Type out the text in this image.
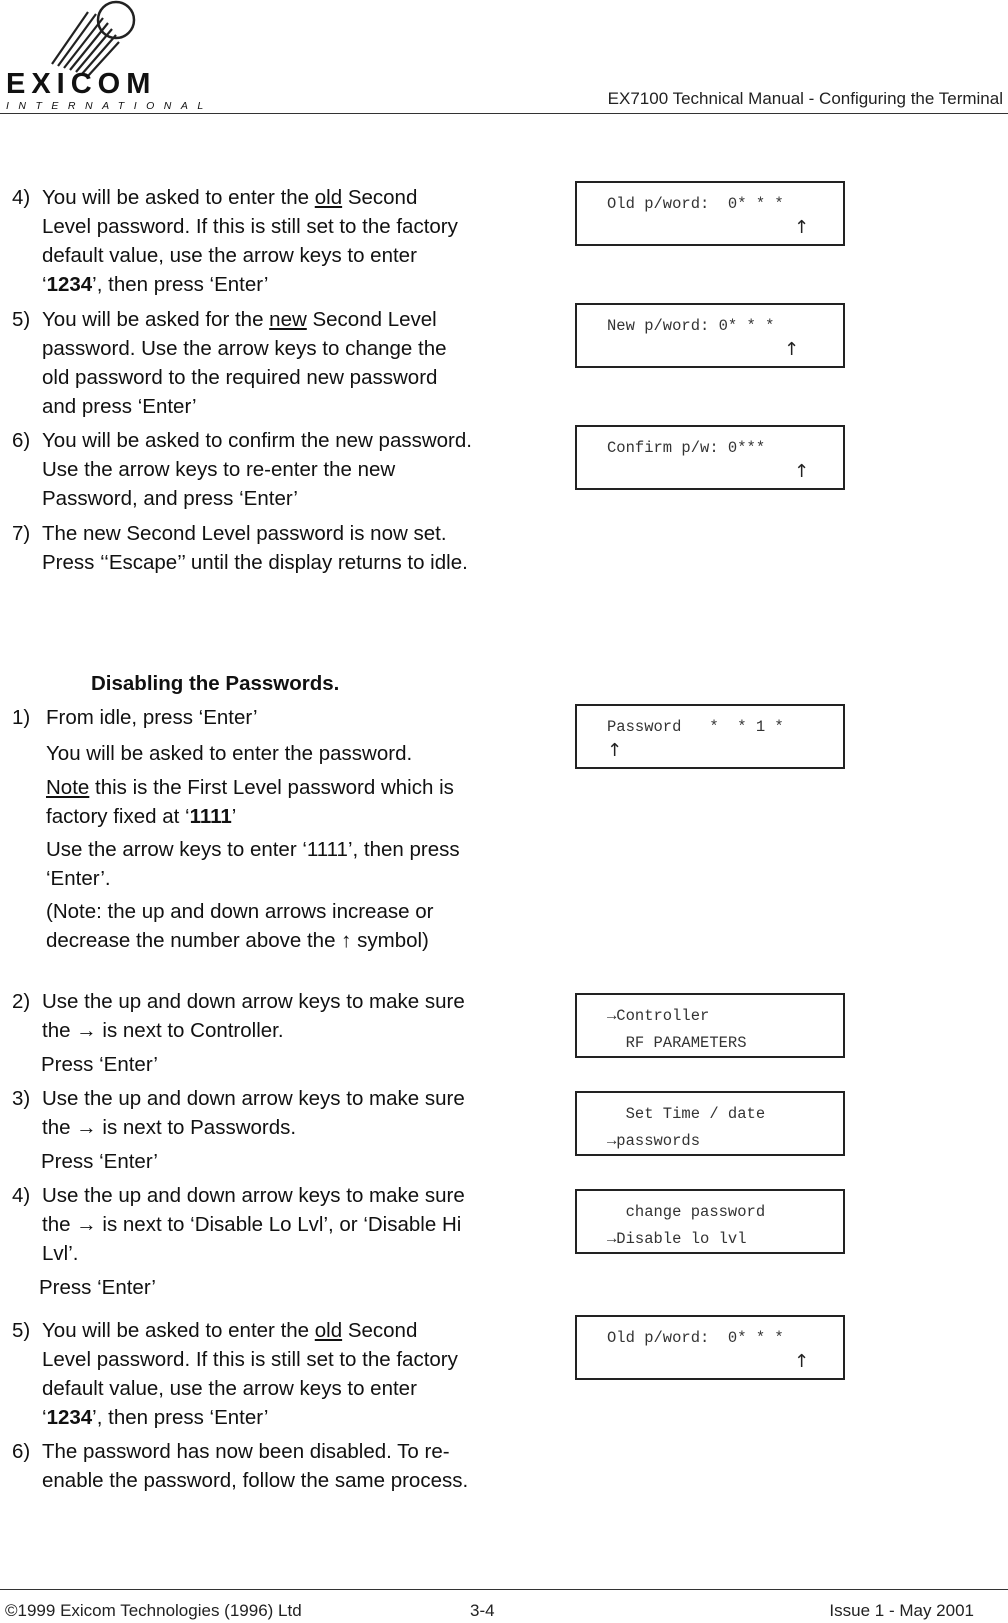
EXICOM
INTERNATIONAL	EX7100 Technical Manual - Configuring the Terminal
4) You will be asked to enter the old Second Level password. If this is still set to the factory default value, use the arrow keys to enter ‘1234’, then press ‘Enter’
5) You will be asked for the new Second Level password. Use the arrow keys to change the old password to the required new password and press ‘Enter’
6) You will be asked to confirm the new password. Use the arrow keys to re-enter the new Password, and press ‘Enter’
7) The new Second Level password is now set. Press ‘‘Escape’’ until the display returns to idle.
Disabling the Passwords.
1) From idle, press ‘Enter’
You will be asked to enter the password.
Note this is the First Level password which is factory fixed at ‘1111’
Use the arrow keys to enter ‘1111’, then press ‘Enter’.
(Note: the up and down arrows increase or decrease the number above the ↑ symbol)
2) Use the up and down arrow keys to make sure the → is next to Controller.
Press ‘Enter’
3) Use the up and down arrow keys to make sure the → is next to Passwords.
Press ‘Enter’
4) Use the up and down arrow keys to make sure the → is next to ‘Disable Lo Lvl’, or ‘Disable Hi Lvl’.
Press ‘Enter’
5) You will be asked to enter the old Second Level password. If this is still set to the factory default value, use the arrow keys to enter ‘1234’, then press ‘Enter’
6) The password has now been disabled. To re-enable the password, follow the same process.
Old p/word:  0* * *
↑
New p/word: 0* * *
↑
Confirm p/w: 0***
↑
Password   *  * 1 *
↑
→Controller
RF PARAMETERS
Set Time / date
→passwords
change password
→Disable lo lvl
Old p/word:  0* * *
↑
©1999 Exicom Technologies (1996) Ltd	3-4	Issue 1 - May 2001
